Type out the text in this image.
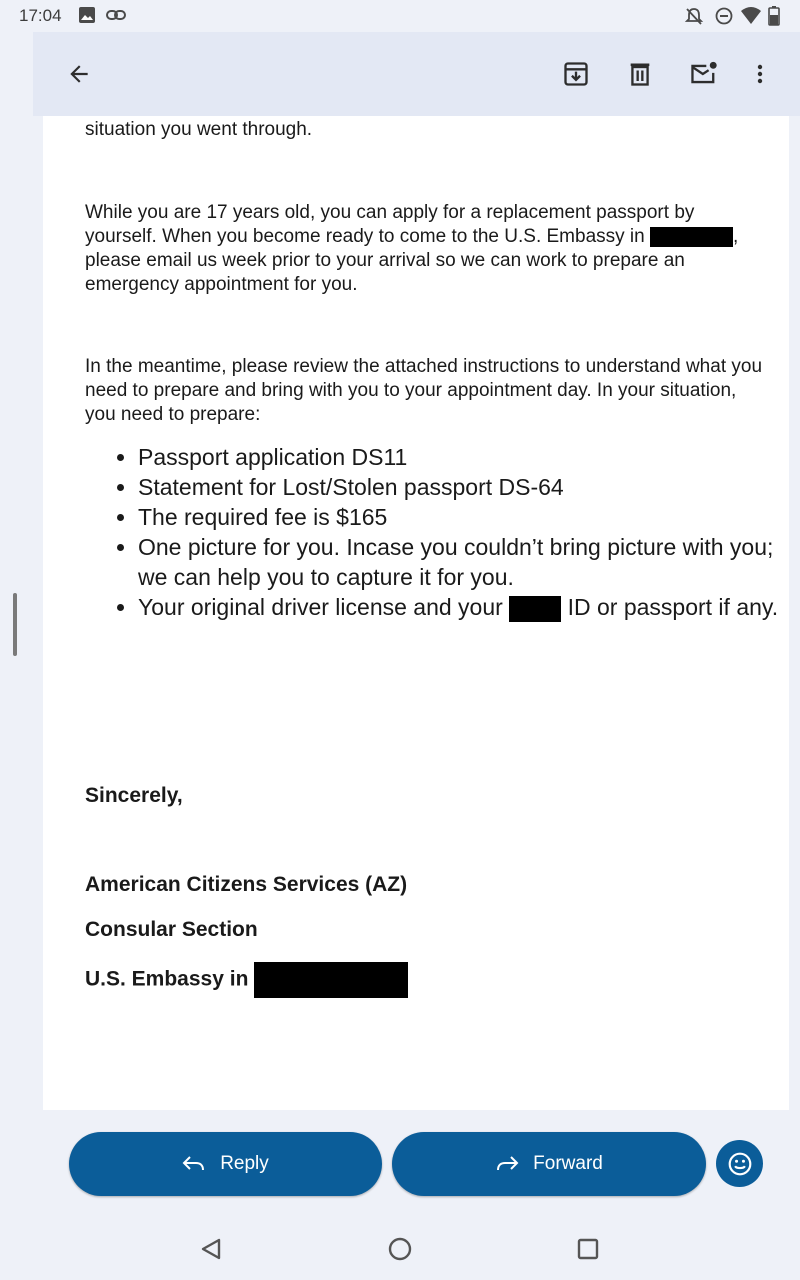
17:04

situation you went through.

While you are 17 years old, you can apply for a replacement passport by yourself. When you become ready to come to the U.S. Embassy in	, please email us week prior to your arrival so we can work to prepare an emergency appointment for you.

In the meantime, please review the attached instructions to understand what you need to prepare and bring with you to your appointment day. In your situation, you need to prepare:

• Passport application DS11
• Statement for Lost/Stolen passport DS-64
• The required fee is $165
• One picture for you. Incase you couldn’t bring picture with you; we can help you to capture it for you.
• Your original driver license and your  ID or passport if any.

Sincerely,

American Citizens Services (AZ)

Consular Section

U.S. Embassy in

Reply	Forward
